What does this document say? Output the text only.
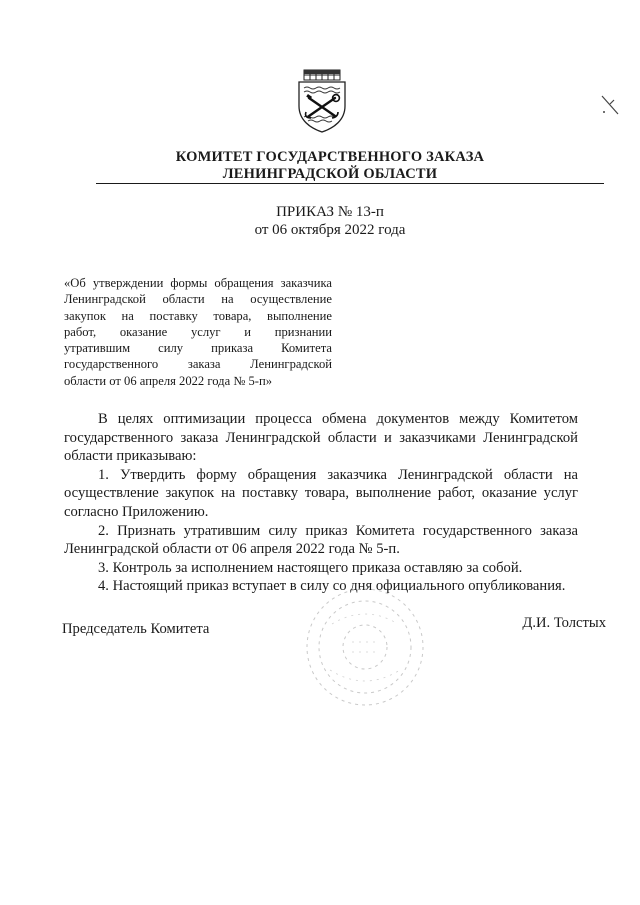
КОМИТЕТ ГОСУДАРСТВЕННОГО ЗАКАЗА
ЛЕНИНГРАДСКОЙ ОБЛАСТИ
ПРИКАЗ № 13-п
от 06 октября 2022 года
«Об утверждении формы обращения заказчика
Ленинградской области на осуществление
закупок на поставку товара, выполнение
работ, оказание услуг и признании
утратившим силу приказа Комитета
государственного заказа Ленинградской
области от 06 апреля 2022 года № 5-п»
В целях оптимизации процесса обмена документов между Комитетом
государственного заказа Ленинградской области и заказчиками Ленинградской
области приказываю:
1. Утвердить форму обращения заказчика Ленинградской области на
осуществление закупок на поставку товара, выполнение работ, оказание услуг
согласно Приложению.
2. Признать утратившим силу приказ Комитета государственного заказа
Ленинградской области от 06 апреля 2022 года № 5-п.
3. Контроль за исполнением настоящего приказа оставляю за собой.
4. Настоящий приказ вступает в силу со дня официального опубликования.
Председатель Комитета	Д.И. Толстых
